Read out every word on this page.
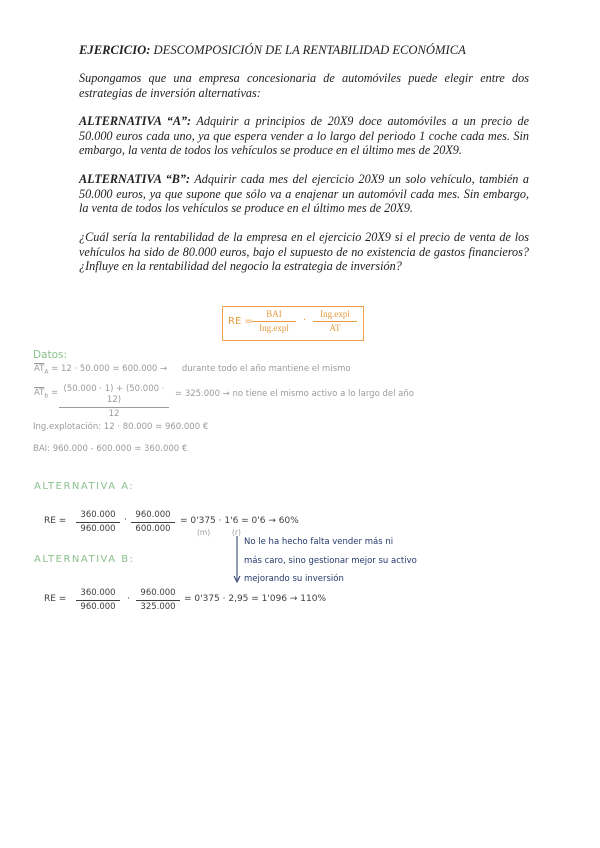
EJERCICIO: DESCOMPOSICIÓN DE LA RENTABILIDAD ECONÓMICA
Supongamos que una empresa concesionaria de automóviles puede elegir entre dos estrategias de inversión alternativas:
ALTERNATIVA “A”: Adquirir a principios de 20X9 doce automóviles a un precio de 50.000 euros cada uno, ya que espera vender a lo largo del periodo 1 coche cada mes. Sin embargo, la venta de todos los vehículos se produce en el último mes de 20X9.
ALTERNATIVA “B”: Adquirir cada mes del ejercicio 20X9 un solo vehículo, también a 50.000 euros, ya que supone que sólo va a enajenar un automóvil cada mes. Sin embargo, la venta de todos los vehículos se produce en el último mes de 20X9.
¿Cuál sería la rentabilidad de la empresa en el ejercicio 20X9 si el precio de venta de los vehículos ha sido de 80.000 euros, bajo el supuesto de no existencia de gastos financieros?¿Influye en la rentabilidad del negocio la estrategia de inversión?
RE =
BAI
Ing.expl
·
Ing.expl
AT
Datos:
$\overline{AT}_A = 12 \cdot 50.000 = 600.000$ → durante todo el año mantiene el mismo
$\overline{AT}_b = \frac{(50.000 \cdot 1) + (50.000 \cdot 12)}{12} = 325.000$ → no tiene el mismo activo a lo largo del año
Ing.explotación: 12 · 80.000 = 960.000 €
BAI: 960.000 - 600.000 = 360.000 €
ALTERNATIVA A:
RE = $\frac{360.000}{960.000} \cdot \frac{960.000}{600.000} = 0'375 \cdot 1'6 = 0'6 \to 60\%$
(m)	(r)
No le ha hecho falta vender más ni
más caro, sino gestionar mejor su activo
mejorando su inversión
ALTERNATIVA B:
RE = $\frac{360.000}{960.000} \cdot \frac{960.000}{325.000} = 0'375 \cdot 2,95 = 1'096 \to 110\%$
